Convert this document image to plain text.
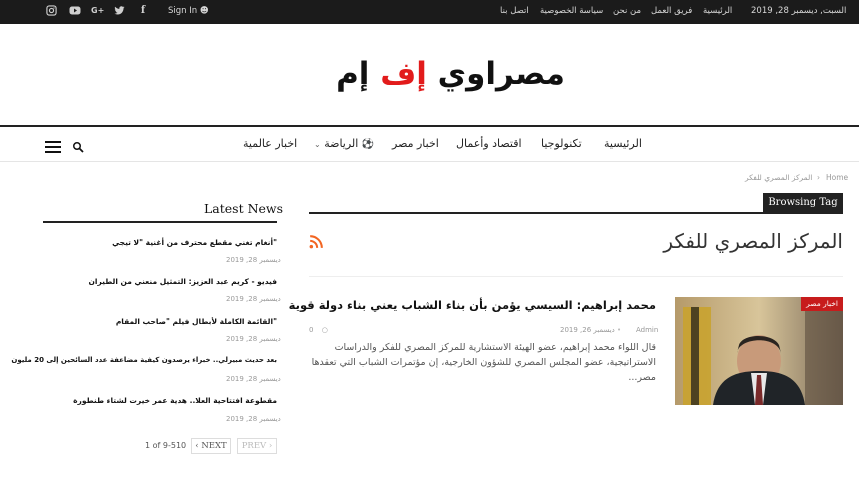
السبت, ديسمبر 28, 2019
الرئيسية
فريق العمل
من نحن
سياسة الخصوصية
اتصل بنا
Sign In ☻
f
G+
مصراوي إف إم
الرئيسية
تكنولوجيا
اقتصاد وأعمال
اخبار مصر
⌄ الرياضة ⚽
اخبار عالمية
Home
›
المركز المصري للفكر
Browsing Tag
المركز المصري للفكر
اخبار مصر
محمد إبراهيم: السيسي يؤمن بأن بناء الشباب يعني بناء دولة قوية
Admin
ديسمبر 26, 2019 •
0 ○
قال اللواء محمد إبراهيم، عضو الهيئة الاستشارية للمركز المصري للفكر والدراسات الاستراتيجية، عضو المجلس المصري للشؤون الخارجية، إن مؤتمرات الشباب التي تعقدها مصر...
Latest News
أنغام تغني مقطع محترف من أغنية "لا تيجي"
ديسمبر 28, 2019
فيديو - كريم عبد العزيز: التمثيل منعني من الطيران
ديسمبر 28, 2019
القائمة الكاملة لأبطال فيلم "صاحب المقام"
ديسمبر 28, 2019
بعد حديث مبيرلي.. خبراء يرصدون كيفية مضاعفة عدد السائحين إلى 20 مليون
ديسمبر 28, 2019
مقطوعة افتتاحية العلا.. هدية عمر خيرت لشتاء طنطورة
ديسمبر 28, 2019
1 of 9-510	‹ NEXT	PREV ›
